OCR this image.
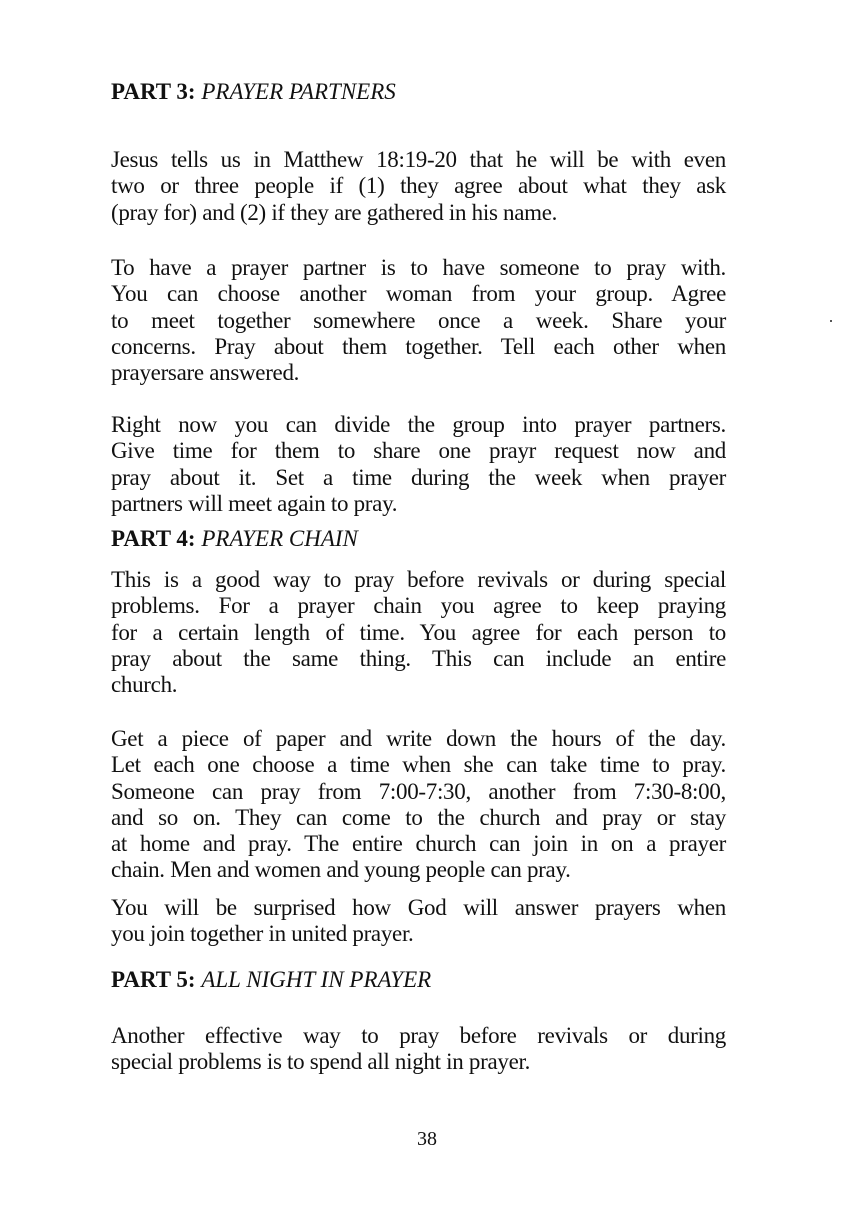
PART 3: PRAYER PARTNERS
Jesus tells us in Matthew 18:19-20 that he will be with even
two or three people if (1) they agree about what they ask
(pray for) and (2) if they are gathered in his name.
To have a prayer partner is to have someone to pray with.
You can choose another woman from your group. Agree
to meet together somewhere once a week. Share your
concerns. Pray about them together. Tell each other when
prayersare answered.
Right now you can divide the group into prayer partners.
Give time for them to share one prayr request now and
pray about it. Set a time during the week when prayer
partners will meet again to pray.
PART 4: PRAYER CHAIN
This is a good way to pray before revivals or during special
problems. For a prayer chain you agree to keep praying
for a certain length of time. You agree for each person to
pray about the same thing. This can include an entire
church.
Get a piece of paper and write down the hours of the day.
Let each one choose a time when she can take time to pray.
Someone can pray from 7:00-7:30, another from 7:30-8:00,
and so on. They can come to the church and pray or stay
at home and pray. The entire church can join in on a prayer
chain. Men and women and young people can pray.
You will be surprised how God will answer prayers when
you join together in united prayer.
PART 5: ALL NIGHT IN PRAYER
Another effective way to pray before revivals or during
special problems is to spend all night in prayer.
38
